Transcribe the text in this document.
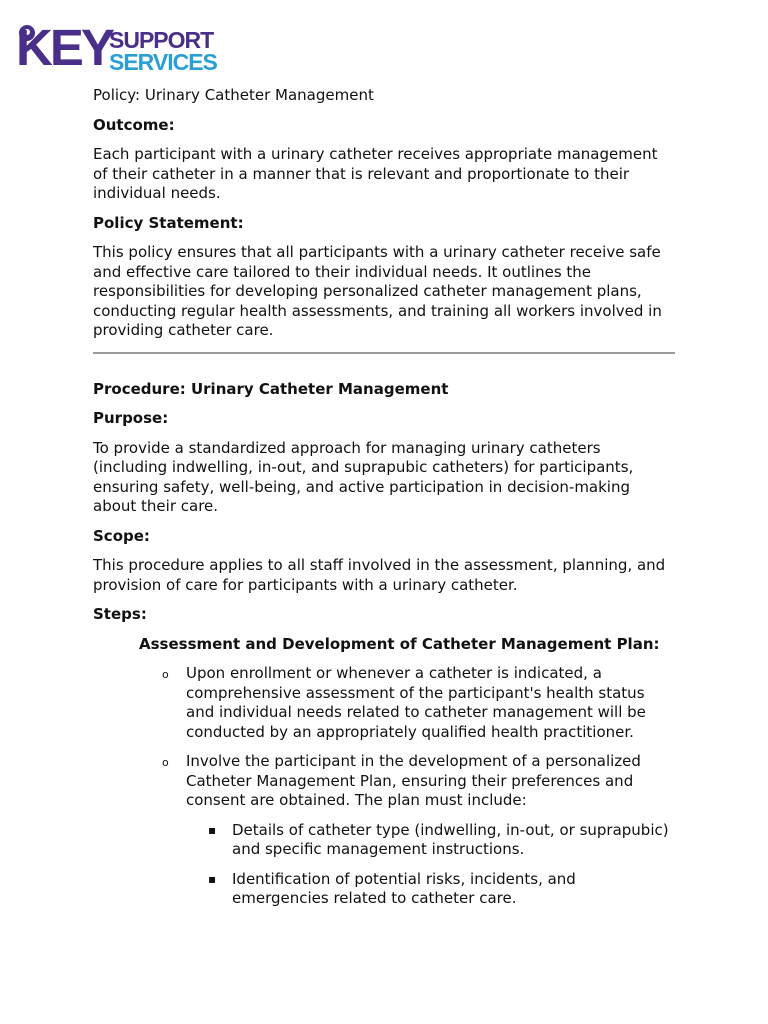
KEY
SUPPORT
SERVICES

Policy: Urinary Catheter Management

Outcome:

Each participant with a urinary catheter receives appropriate management of their catheter in a manner that is relevant and proportionate to their individual needs.

Policy Statement:

This policy ensures that all participants with a urinary catheter receive safe and effective care tailored to their individual needs. It outlines the responsibilities for developing personalized catheter management plans, conducting regular health assessments, and training all workers involved in providing catheter care.

Procedure: Urinary Catheter Management

Purpose:

To provide a standardized approach for managing urinary catheters (including indwelling, in-out, and suprapubic catheters) for participants, ensuring safety, well-being, and active participation in decision-making about their care.

Scope:

This procedure applies to all staff involved in the assessment, planning, and provision of care for participants with a urinary catheter.

Steps:

Assessment and Development of Catheter Management Plan:

o Upon enrollment or whenever a catheter is indicated, a comprehensive assessment of the participant's health status and individual needs related to catheter management will be conducted by an appropriately qualified health practitioner.
o Involve the participant in the development of a personalized Catheter Management Plan, ensuring their preferences and consent are obtained. The plan must include:
▪ Details of catheter type (indwelling, in-out, or suprapubic) and specific management instructions.
▪ Identification of potential risks, incidents, and emergencies related to catheter care.
